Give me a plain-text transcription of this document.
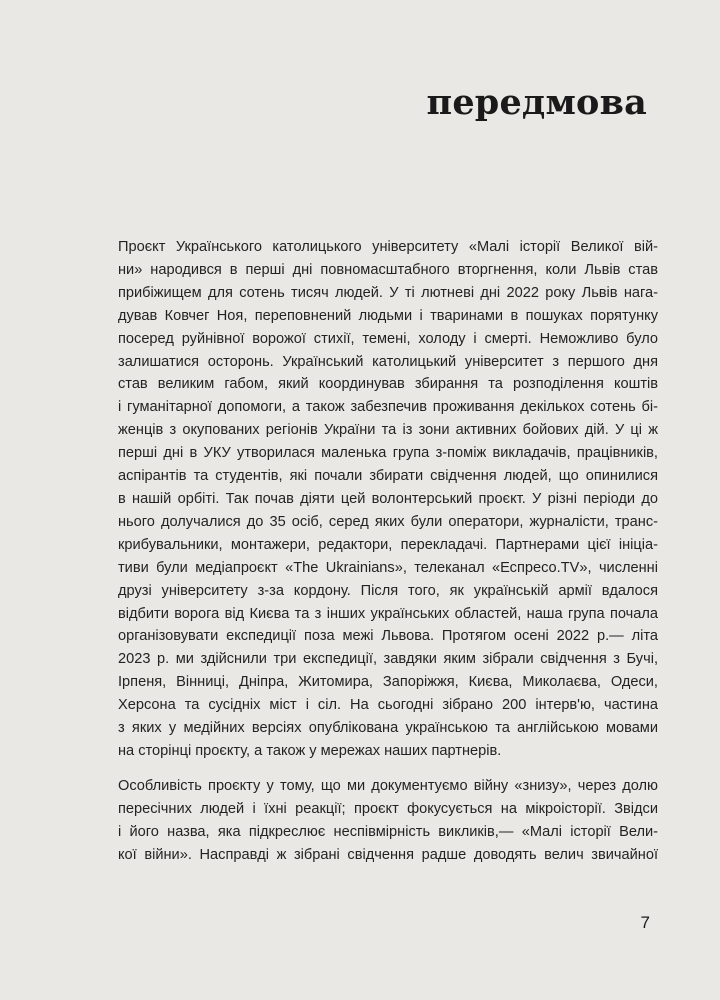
передмова
Проєкт Українського католицького університету «Малі історії Великої вій-
ни» народився в перші дні повномасштабного вторгнення, коли Львів став
прибіжищем для сотень тисяч людей. У ті лютневі дні 2022 року Львів нага-
дував Ковчег Ноя, переповнений людьми і тваринами в пошуках порятунку
посеред руйнівної ворожої стихії, темені, холоду і смерті. Неможливо було
залишатися осторонь. Український католицький університет з першого дня
став великим габом, який координував збирання та розподілення коштів
і гуманітарної допомоги, а також забезпечив проживання декількох сотень бі-
женців з окупованих регіонів України та із зони активних бойових дій. У ці ж
перші дні в УКУ утворилася маленька група з-поміж викладачів, працівників,
аспірантів та студентів, які почали збирати свідчення людей, що опинилися
в нашій орбіті. Так почав діяти цей волонтерський проєкт. У різні періоди до
нього долучалися до 35 осіб, серед яких були оператори, журналісти, транс-
крибувальники, монтажери, редактори, перекладачі. Партнерами цієї ініціа-
тиви були медіапроєкт «The Ukrainians», телеканал «Еспресо.TV», численні
друзі університету з-за кордону. Після того, як українській армії вдалося
відбити ворога від Києва та з інших українських областей, наша група почала
організовувати експедиції поза межі Львова. Протягом осені 2022 р.— літа
2023 р. ми здійснили три експедиції, завдяки яким зібрали свідчення з Бучі,
Ірпеня, Вінниці, Дніпра, Житомира, Запоріжжя, Києва, Миколаєва, Одеси,
Херсона та сусідніх міст і сіл. На сьогодні зібрано 200 інтерв'ю, частина
з яких у медійних версіях опублікована українською та англійською мовами
на сторінці проєкту, а також у мережах наших партнерів.
Особливість проєкту у тому, що ми документуємо війну «знизу», через долю
пересічних людей і їхні реакції; проєкт фокусується на мікроісторії. Звідси
і його назва, яка підкреслює неспівмірність викликів,— «Малі історії Вели-
кої війни». Насправді ж зібрані свідчення радше доводять велич звичайної
7
